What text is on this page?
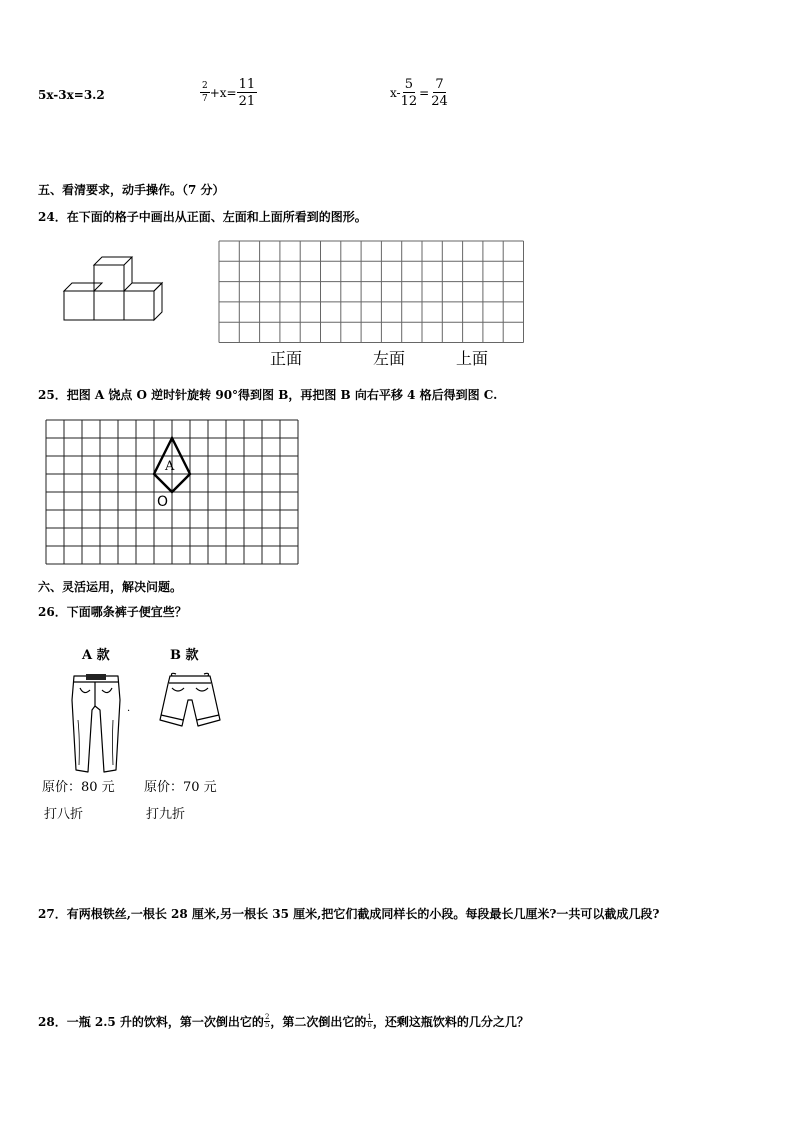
5x-3x=3.2	$\frac{2}{7} +x= \frac{11}{21}$	$x- \frac{5}{12} = \frac{7}{24}$
五、看清要求，动手操作。（7 分）
24．在下面的格子中画出从正面、左面和上面所看到的图形。
正面	左面	上面
25．把图 A 饶点 O 逆时针旋转 90°得到图 B，再把图 B 向右平移 4 格后得到图 C.
A
O
六、灵活运用，解决问题。
26．下面哪条裤子便宜些？
A 款	B 款
·
原价：80 元 原价：70 元
打八折	打九折
27．有两根铁丝,一根长 28 厘米,另一根长 35 厘米,把它们截成同样长的小段。每段最长几厘米?一共可以截成几段?
28．一瓶 2.5 升的饮料，第一次倒出它的 2
5 ，第二次倒出它的 1
6 ，还剩这瓶饮料的几分之几？
